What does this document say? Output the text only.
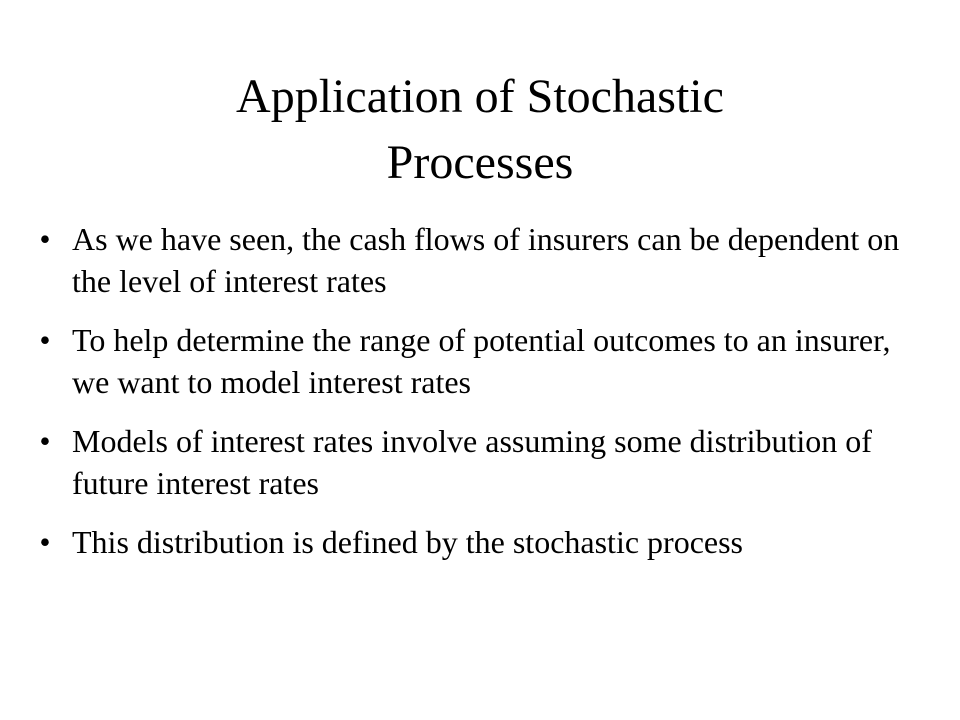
Application of Stochastic
Processes
• As we have seen, the cash flows of insurers can be dependent on the level of interest rates
• To help determine the range of potential outcomes to an insurer, we want to model interest rates
• Models of interest rates involve assuming some distribution of future interest rates
• This distribution is defined by the stochastic process
